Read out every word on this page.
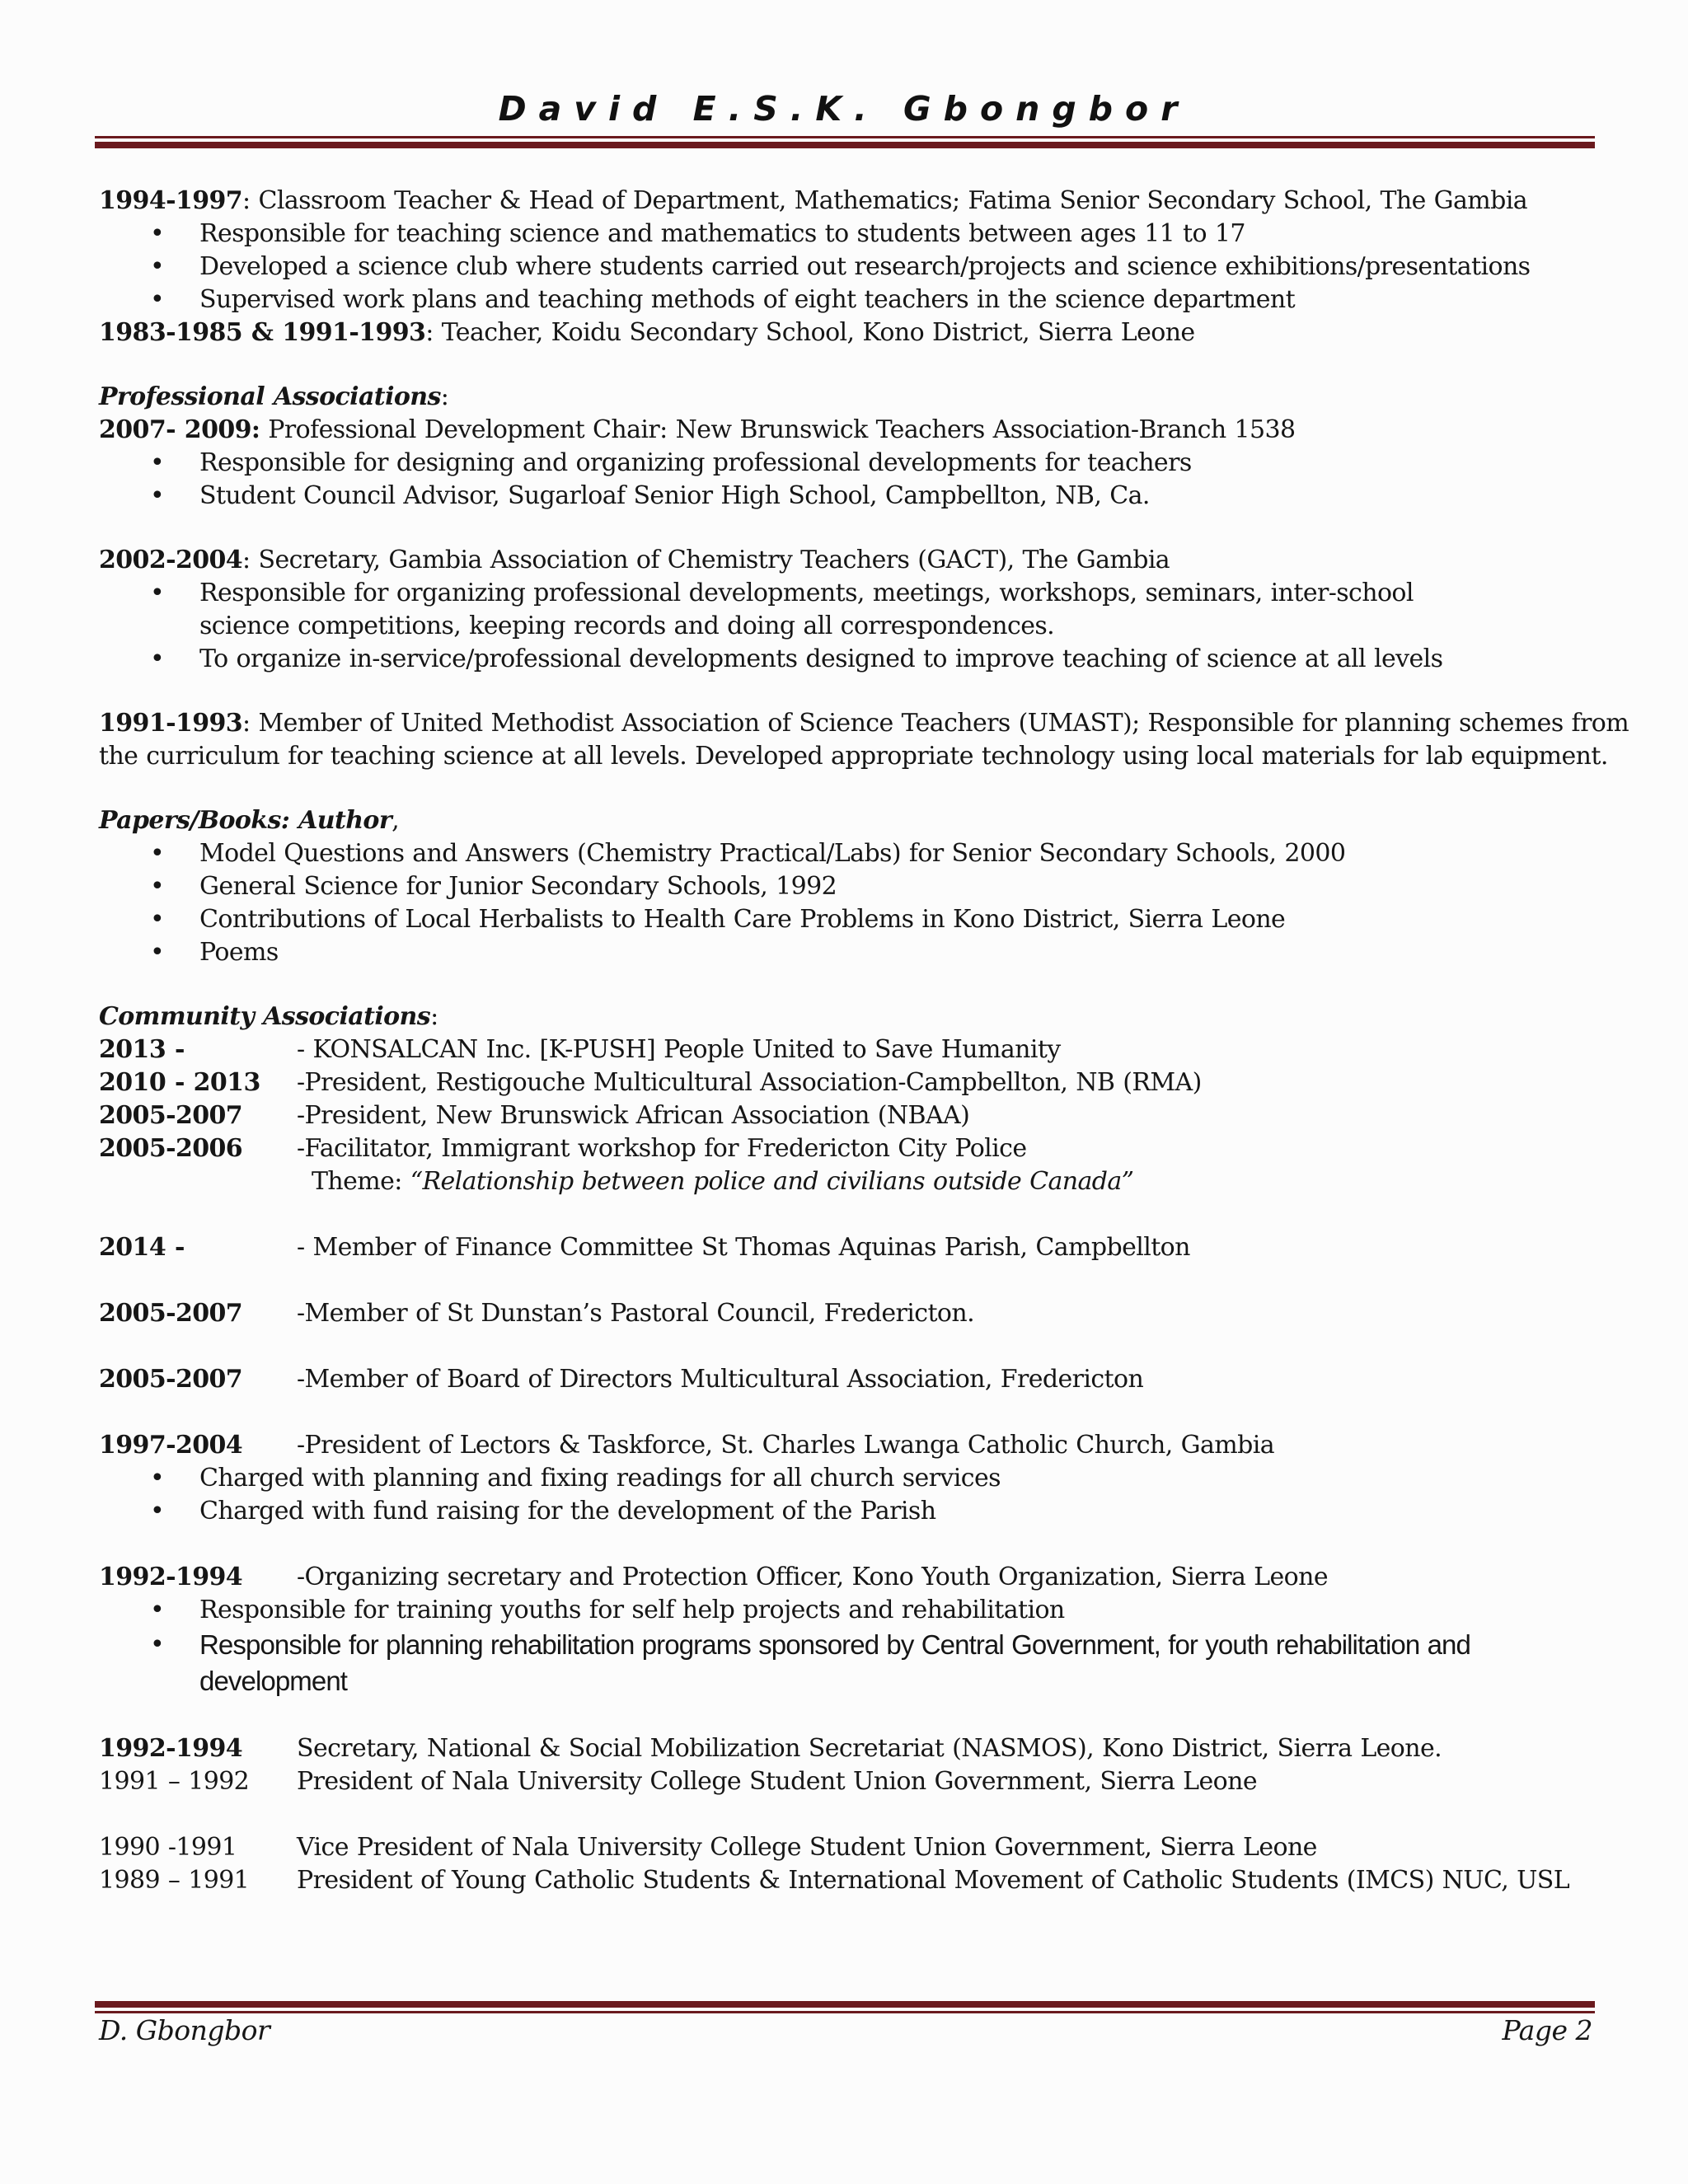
David E.S.K. Gbongbor
1994-1997: Classroom Teacher & Head of Department, Mathematics; Fatima Senior Secondary School, The Gambia
• Responsible for teaching science and mathematics to students between ages 11 to 17
• Developed a science club where students carried out research/projects and science exhibitions/presentations
• Supervised work plans and teaching methods of eight teachers in the science department
1983-1985 & 1991-1993: Teacher, Koidu Secondary School, Kono District, Sierra Leone
Professional Associations:
2007- 2009: Professional Development Chair: New Brunswick Teachers Association-Branch 1538
• Responsible for designing and organizing professional developments for teachers
• Student Council Advisor, Sugarloaf Senior High School, Campbellton, NB, Ca.
2002-2004: Secretary, Gambia Association of Chemistry Teachers (GACT), The Gambia
• Responsible for organizing professional developments, meetings, workshops, seminars, inter-school science competitions, keeping records and doing all correspondences.
• To organize in-service/professional developments designed to improve teaching of science at all levels
1991-1993: Member of United Methodist Association of Science Teachers (UMAST); Responsible for planning schemes from
the curriculum for teaching science at all levels. Developed appropriate technology using local materials for lab equipment.
Papers/Books: Author,
• Model Questions and Answers (Chemistry Practical/Labs) for Senior Secondary Schools, 2000
• General Science for Junior Secondary Schools, 1992
• Contributions of Local Herbalists to Health Care Problems in Kono District, Sierra Leone
• Poems
Community Associations:
2013 -	- KONSALCAN Inc. [K-PUSH] People United to Save Humanity
2010 - 2013	-President, Restigouche Multicultural Association-Campbellton, NB (RMA)
2005-2007	-President, New Brunswick African Association (NBAA)
2005-2006	-Facilitator, Immigrant workshop for Fredericton City Police
Theme: “Relationship between police and civilians outside Canada”
2014 -	- Member of Finance Committee St Thomas Aquinas Parish, Campbellton
2005-2007	-Member of St Dunstan’s Pastoral Council, Fredericton.
2005-2007	-Member of Board of Directors Multicultural Association, Fredericton
1997-2004	-President of Lectors & Taskforce, St. Charles Lwanga Catholic Church, Gambia
• Charged with planning and fixing readings for all church services
• Charged with fund raising for the development of the Parish
1992-1994	-Organizing secretary and Protection Officer, Kono Youth Organization, Sierra Leone
• Responsible for training youths for self help projects and rehabilitation
• Responsible for planning rehabilitation programs sponsored by Central Government, for youth rehabilitation and development
1992-1994	Secretary, National & Social Mobilization Secretariat (NASMOS), Kono District, Sierra Leone.
1991 – 1992	President of Nala University College Student Union Government, Sierra Leone
1990 -1991	Vice President of Nala University College Student Union Government, Sierra Leone
1989 – 1991	President of Young Catholic Students & International Movement of Catholic Students (IMCS) NUC, USL
D. Gbongbor	Page 2
